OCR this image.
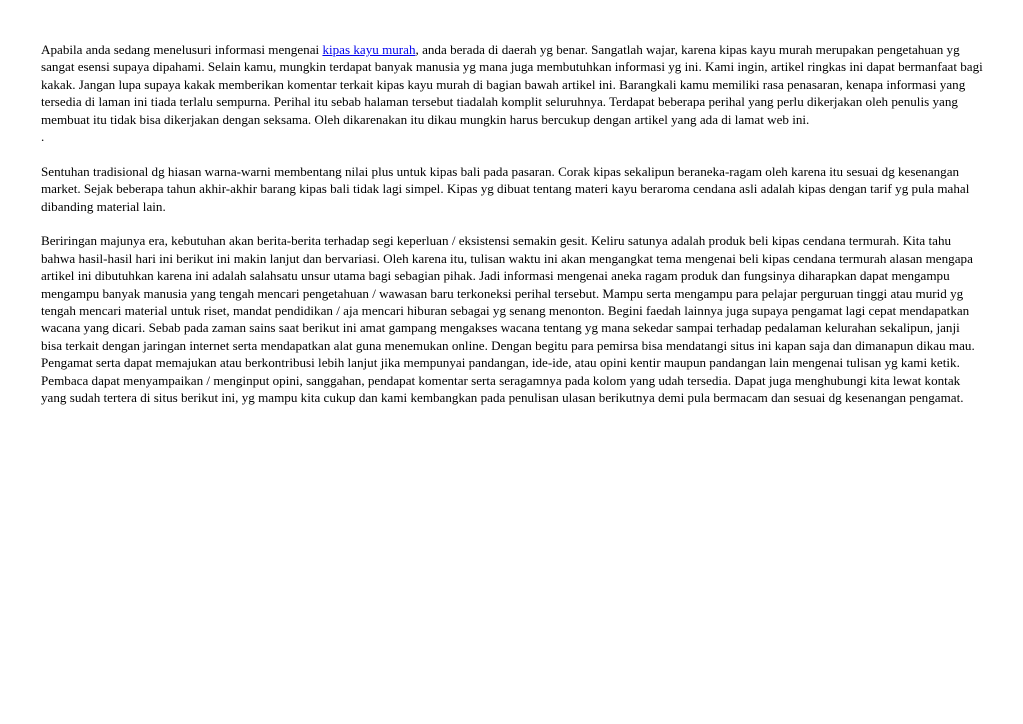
Apabila anda sedang menelusuri informasi mengenai kipas kayu murah, anda berada di daerah yg benar. Sangatlah wajar, karena kipas kayu murah merupakan pengetahuan yg sangat esensi supaya dipahami. Selain kamu, mungkin terdapat banyak manusia yg mana juga membutuhkan informasi yg ini. Kami ingin, artikel ringkas ini dapat bermanfaat bagi kakak. Jangan lupa supaya kakak memberikan komentar terkait kipas kayu murah di bagian bawah artikel ini. Barangkali kamu memiliki rasa penasaran, kenapa informasi yang tersedia di laman ini tiada terlalu sempurna. Perihal itu sebab halaman tersebut tiadalah komplit seluruhnya. Terdapat beberapa perihal yang perlu dikerjakan oleh penulis yang membuat itu tidak bisa dikerjakan dengan seksama. Oleh dikarenakan itu dikau mungkin harus bercukup dengan artikel yang ada di lamat web ini.
.

Sentuhan tradisional dg hiasan warna-warni membentang nilai plus untuk kipas bali pada pasaran. Corak kipas sekalipun beraneka-ragam oleh karena itu sesuai dg kesenangan market. Sejak beberapa tahun akhir-akhir barang kipas bali tidak lagi simpel. Kipas yg dibuat tentang materi kayu beraroma cendana asli adalah kipas dengan tarif yg pula mahal dibanding material lain.

Beriringan majunya era, kebutuhan akan berita-berita terhadap segi keperluan / eksistensi semakin gesit. Keliru satunya adalah produk beli kipas cendana termurah. Kita tahu bahwa hasil-hasil hari ini berikut ini makin lanjut dan bervariasi. Oleh karena itu, tulisan waktu ini akan mengangkat tema mengenai beli kipas cendana termurah alasan mengapa artikel ini dibutuhkan karena ini adalah salahsatu unsur utama bagi sebagian pihak. Jadi informasi mengenai aneka ragam produk dan fungsinya diharapkan dapat mengampu mengampu banyak manusia yang tengah mencari pengetahuan / wawasan baru terkoneksi perihal tersebut. Mampu serta mengampu para pelajar perguruan tinggi atau murid yg tengah mencari material untuk riset, mandat pendidikan / aja mencari hiburan sebagai yg senang menonton. Begini faedah lainnya juga supaya pengamat lagi cepat mendapatkan wacana yang dicari. Sebab pada zaman sains saat berikut ini amat gampang mengakses wacana tentang yg mana sekedar sampai terhadap pedalaman kelurahan sekalipun, janji bisa terkait dengan jaringan internet serta mendapatkan alat guna menemukan online. Dengan begitu para pemirsa bisa mendatangi situs ini kapan saja dan dimanapun dikau mau. Pengamat serta dapat memajukan atau berkontribusi lebih lanjut jika mempunyai pandangan, ide-ide, atau opini kentir maupun pandangan lain mengenai tulisan yg kami ketik. Pembaca dapat menyampaikan / menginput opini, sanggahan, pendapat komentar serta seragamnya pada kolom yang udah tersedia. Dapat juga menghubungi kita lewat kontak yang sudah tertera di situs berikut ini, yg mampu kita cukup dan kami kembangkan pada penulisan ulasan berikutnya demi pula bermacam dan sesuai dg kesenangan pengamat.
